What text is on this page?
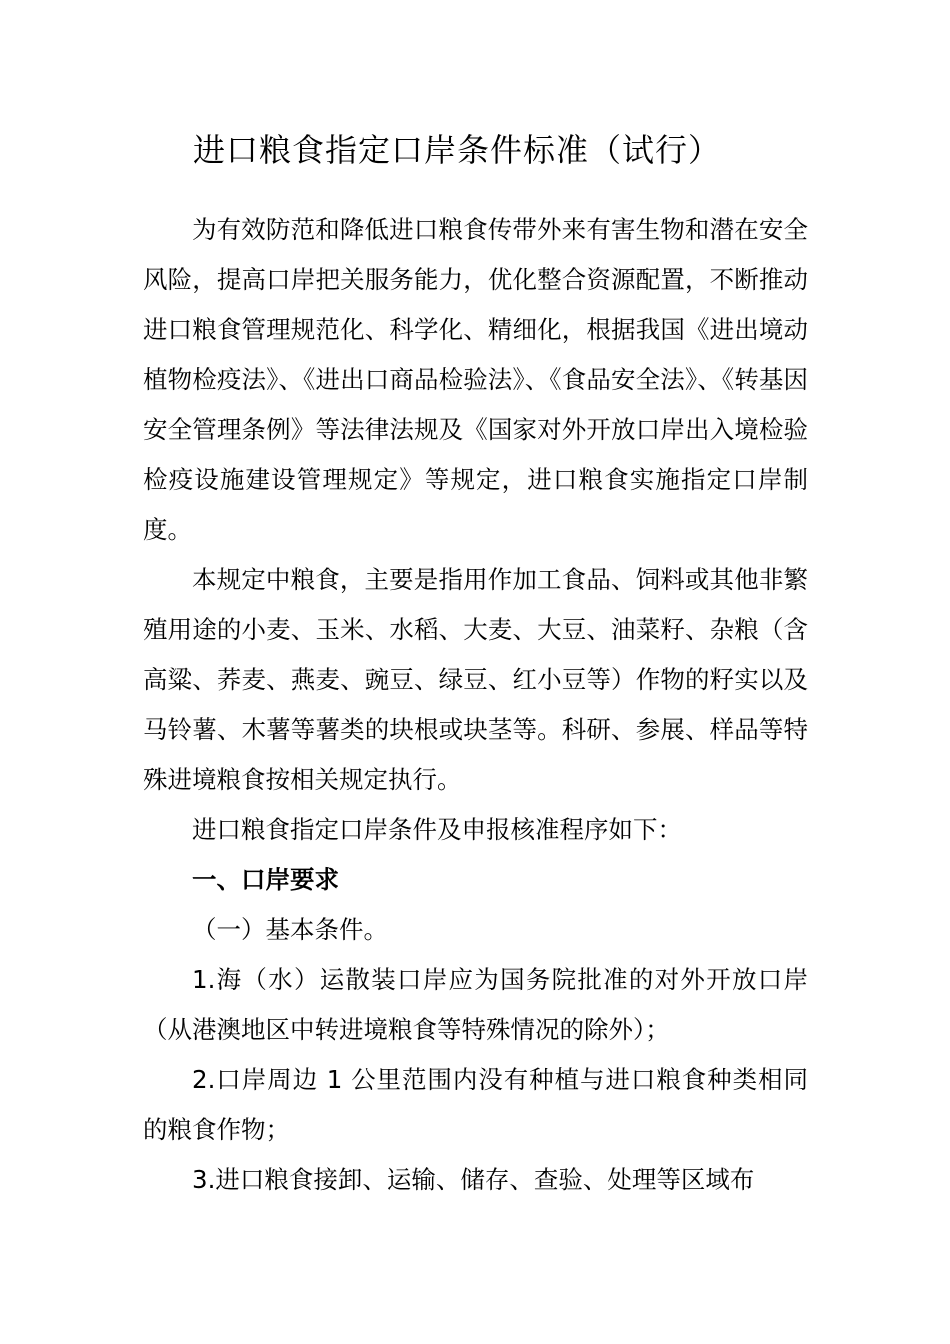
进口粮食指定口岸条件标准（试行）

为有效防范和降低进口粮食传带外来有害生物和潜在安全风险，提高口岸把关服务能力，优化整合资源配置，不断推动进口粮食管理规范化、科学化、精细化，根据我国《进出境动植物检疫法》、《进出口商品检验法》、《食品安全法》、《转基因安全管理条例》等法律法规及《国家对外开放口岸出入境检验检疫设施建设管理规定》等规定，进口粮食实施指定口岸制度。

本规定中粮食，主要是指用作加工食品、饲料或其他非繁殖用途的小麦、玉米、水稻、大麦、大豆、油菜籽、杂粮（含高粱、荞麦、燕麦、豌豆、绿豆、红小豆等）作物的籽实以及马铃薯、木薯等薯类的块根或块茎等。科研、参展、样品等特殊进境粮食按相关规定执行。

进口粮食指定口岸条件及申报核准程序如下：

一、口岸要求

（一）基本条件。

1.海（水）运散装口岸应为国务院批准的对外开放口岸（从港澳地区中转进境粮食等特殊情况的除外）；

2.口岸周边 1 公里范围内没有种植与进口粮食种类相同的粮食作物；

3.进口粮食接卸、运输、储存、查验、处理等区域布
